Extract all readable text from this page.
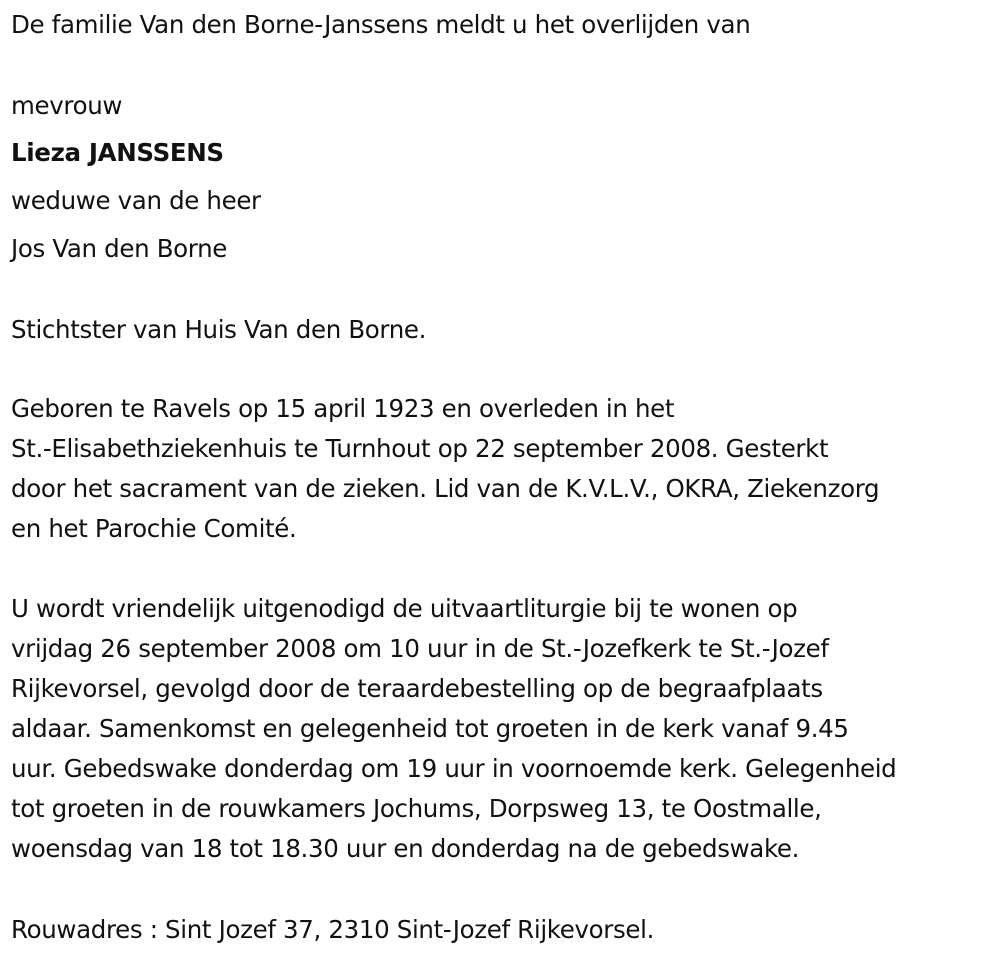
De familie Van den Borne-Janssens meldt u het overlijden van
mevrouw
Lieza JANSSENS
weduwe van de heer
Jos Van den Borne
Stichtster van Huis Van den Borne.
Geboren te Ravels op 15 april 1923 en overleden in het
St.-Elisabethziekenhuis te Turnhout op 22 september 2008. Gesterkt
door het sacrament van de zieken. Lid van de K.V.L.V., OKRA, Ziekenzorg
en het Parochie Comité.
U wordt vriendelijk uitgenodigd de uitvaartliturgie bij te wonen op
vrijdag 26 september 2008 om 10 uur in de St.-Jozefkerk te St.-Jozef
Rijkevorsel, gevolgd door de teraardebestelling op de begraafplaats
aldaar. Samenkomst en gelegenheid tot groeten in de kerk vanaf 9.45
uur. Gebedswake donderdag om 19 uur in voornoemde kerk. Gelegenheid
tot groeten in de rouwkamers Jochums, Dorpsweg 13, te Oostmalle,
woensdag van 18 tot 18.30 uur en donderdag na de gebedswake.
Rouwadres : Sint Jozef 37, 2310 Sint-Jozef Rijkevorsel.
